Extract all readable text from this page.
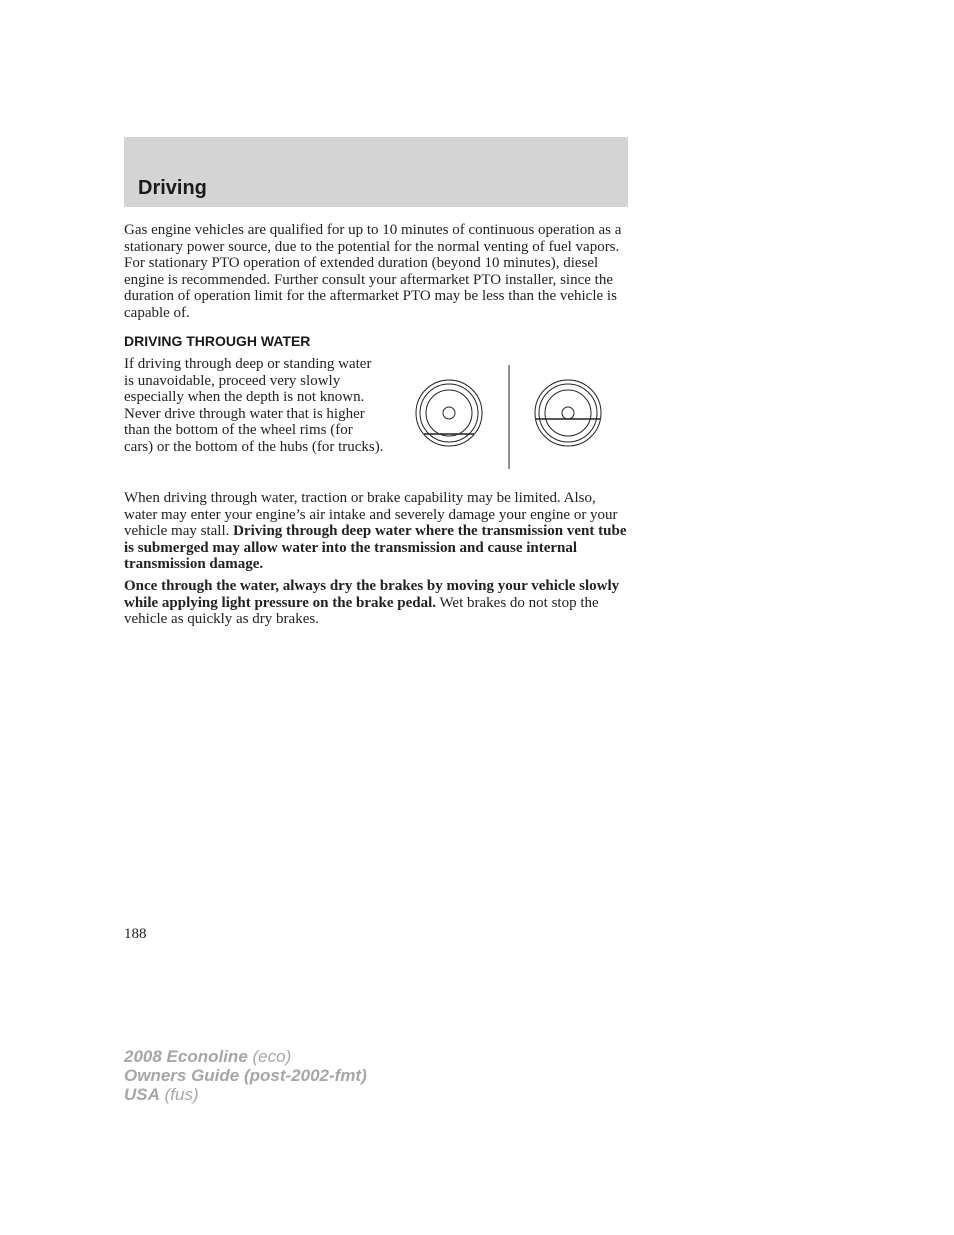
Driving
Gas engine vehicles are qualified for up to 10 minutes of continuous operation as a stationary power source, due to the potential for the normal venting of fuel vapors. For stationary PTO operation of extended duration (beyond 10 minutes), diesel engine is recommended. Further consult your aftermarket PTO installer, since the duration of operation limit for the aftermarket PTO may be less than the vehicle is capable of.
DRIVING THROUGH WATER
If driving through deep or standing water is unavoidable, proceed very slowly especially when the depth is not known. Never drive through water that is higher than the bottom of the wheel rims (for cars) or the bottom of the hubs (for trucks).
When driving through water, traction or brake capability may be limited. Also, water may enter your engine’s air intake and severely damage your engine or your vehicle may stall. Driving through deep water where the transmission vent tube is submerged may allow water into the transmission and cause internal transmission damage.
Once through the water, always dry the brakes by moving your vehicle slowly while applying light pressure on the brake pedal. Wet brakes do not stop the vehicle as quickly as dry brakes.
188
2008 Econoline (eco)
Owners Guide (post-2002-fmt)
USA (fus)
